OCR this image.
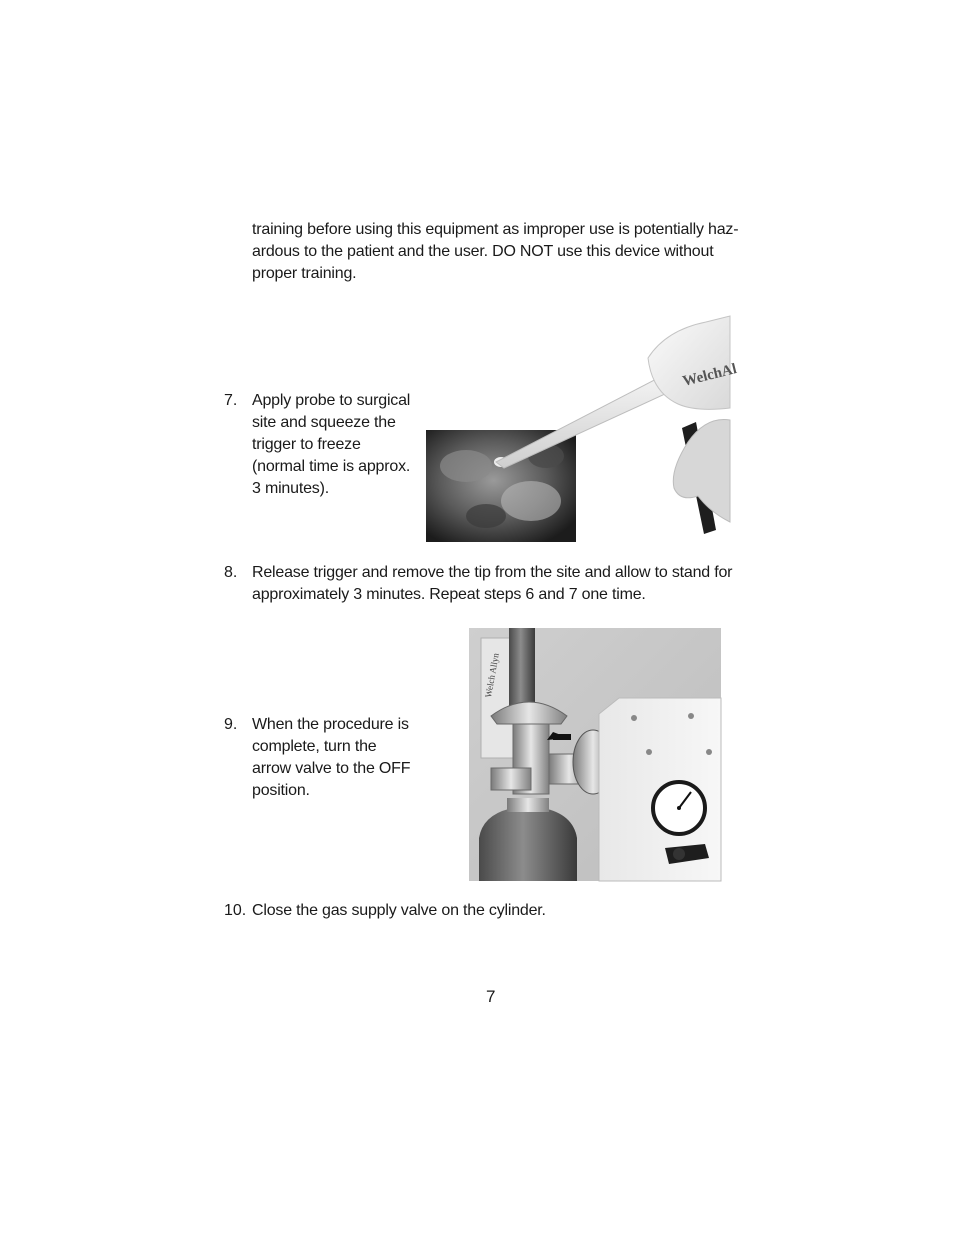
training before using this equipment as improper use is potentially haz-
ardous to the patient and the user. DO NOT use this device without
proper training.
7. Apply probe to surgical
site and squeeze the
trigger to freeze
(normal time is approx.
3 minutes).
WelchAl
8. Release trigger and remove the tip from the site and allow to stand for
approximately 3 minutes. Repeat steps 6 and 7 one time.
9. When the procedure is
complete, turn the
arrow valve to the OFF
position.
Welch Allyn
10. Close the gas supply valve on the cylinder.
7
